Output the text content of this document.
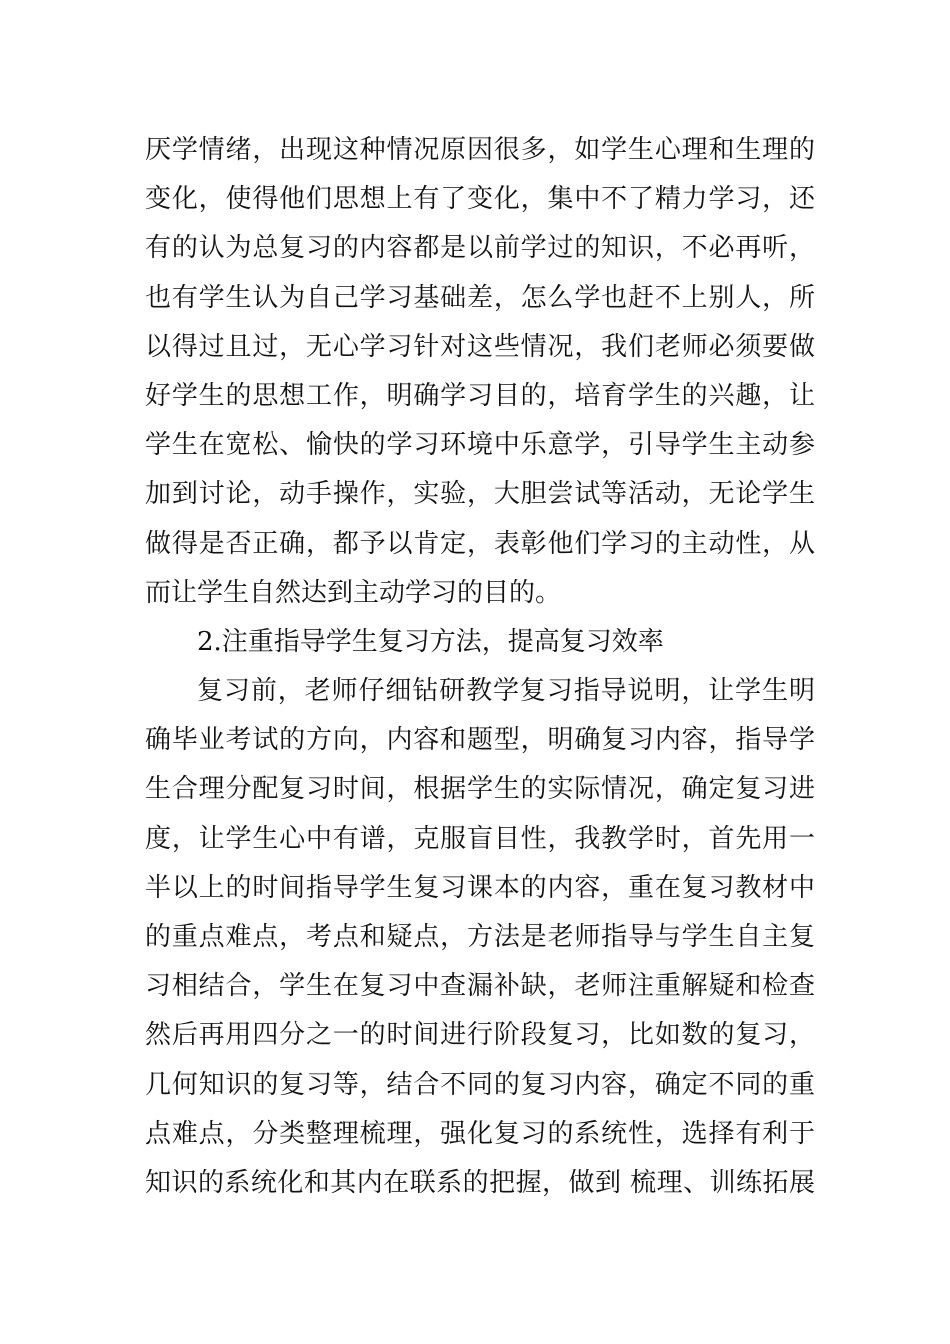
厌学情绪，出现这种情况原因很多，如学生心理和生理的
变化，使得他们思想上有了变化，集中不了精力学习，还
有的认为总复习的内容都是以前学过的知识，不必再听，
也有学生认为自己学习基础差，怎么学也赶不上别人，所
以得过且过，无心学习针对这些情况，我们老师必须要做
好学生的思想工作，明确学习目的，培育学生的兴趣，让
学生在宽松、愉快的学习环境中乐意学，引导学生主动参
加到讨论，动手操作，实验，大胆尝试等活动，无论学生
做得是否正确，都予以肯定，表彰他们学习的主动性，从
而让学生自然达到主动学习的目的。
2.注重指导学生复习方法，提高复习效率
复习前，老师仔细钻研教学复习指导说明，让学生明
确毕业考试的方向，内容和题型，明确复习内容，指导学
生合理分配复习时间，根据学生的实际情况，确定复习进
度，让学生心中有谱，克服盲目性，我教学时，首先用一
半以上的时间指导学生复习课本的内容，重在复习教材中
的重点难点，考点和疑点，方法是老师指导与学生自主复
习相结合，学生在复习中查漏补缺，老师注重解疑和检查
然后再用四分之一的时间进行阶段复习，比如数的复习，
几何知识的复习等，结合不同的复习内容，确定不同的重
点难点，分类整理梳理，强化复习的系统性，选择有利于
知识的系统化和其内在联系的把握，做到 梳理、训练拓展
